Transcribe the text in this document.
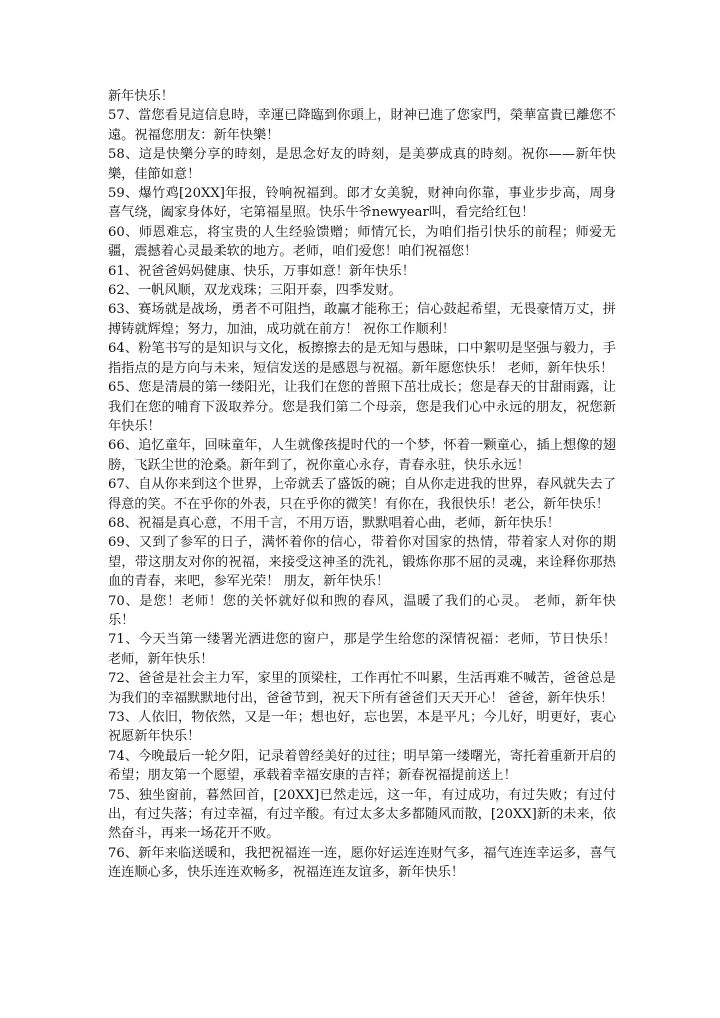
新年快乐！

57、當您看見這信息時，幸運已降臨到你頭上，財神已進了您家門，榮華富貴已離您不遠。祝福您朋友：新年快樂！

58、這是快樂分享的時刻，是思念好友的時刻，是美夢成真的時刻。祝你——新年快樂，佳節如意！

59、爆竹鸡[20XX]年报，铃响祝福到。郎才女美貌，财神向你靠，事业步步高，周身喜气绕，阖家身体好，宅第福星照。快乐牛爷newyear叫，看完给红包！

60、师恩难忘，将宝贵的人生经验馈赠；师情冗长，为咱们指引快乐的前程；师爱无疆，震撼着心灵最柔软的地方。老师，咱们爱您！咱们祝福您！

61、祝爸爸妈妈健康、快乐，万事如意！新年快乐！

62、一帆风顺，双龙戏珠；三阳开泰，四季发财。

63、赛场就是战场，勇者不可阻挡，敢赢才能称王；信心鼓起希望，无畏豪情万丈，拼搏铸就辉煌；努力，加油，成功就在前方！ 祝你工作顺利！

64、粉笔书写的是知识与文化，板擦擦去的是无知与愚昧，口中絮叨是坚强与毅力，手指指点的是方向与未来，短信发送的是感恩与祝福。新年愿您快乐！ 老师，新年快乐！

65、您是清晨的第一缕阳光，让我们在您的普照下茁壮成长；您是春天的甘甜雨露，让我们在您的哺育下汲取养分。您是我们第二个母亲，您是我们心中永远的朋友，祝您新年快乐！

66、追忆童年，回味童年，人生就像孩提时代的一个梦，怀着一颗童心，插上想像的翅膀，飞跃尘世的沧桑。新年到了，祝你童心永存，青春永驻，快乐永远！

67、自从你来到这个世界，上帝就丢了盛饭的碗；自从你走进我的世界，春风就失去了得意的笑。不在乎你的外表，只在乎你的微笑！有你在，我很快乐！老公，新年快乐！

68、祝福是真心意，不用千言，不用万语，默默唱着心曲，老师，新年快乐！

69、又到了参军的日子，满怀着你的信心，带着你对国家的热情，带着家人对你的期望，带这朋友对你的祝福，来接受这神圣的洗礼，锻炼你那不屈的灵魂，来诠释你那热血的青春，来吧，参军光荣！ 朋友，新年快乐！

70、是您！老师！您的关怀就好似和煦的春风，温暖了我们的心灵。 老师，新年快乐！

71、今天当第一缕署光洒进您的窗户，那是学生给您的深情祝福：老师，节日快乐！ 老师，新年快乐！

72、爸爸是社会主力军，家里的顶梁柱，工作再忙不叫累，生活再难不喊苦，爸爸总是为我们的幸福默默地付出，爸爸节到，祝天下所有爸爸们天天开心！ 爸爸，新年快乐！

73、人依旧，物依然，又是一年；想也好，忘也罢，本是平凡；今儿好，明更好，衷心祝愿新年快乐！

74、今晚最后一轮夕阳，记录着曾经美好的过往；明早第一缕曙光，寄托着重新开启的希望；朋友第一个愿望，承载着幸福安康的吉祥；新春祝福提前送上！

75、独坐窗前，暮然回首，[20XX]已然走远，这一年，有过成功，有过失败；有过付出，有过失落；有过幸福，有过辛酸。有过太多太多都随风而散，[20XX]新的未来，依然奋斗，再来一场花开不败。

76、新年来临送暖和，我把祝福连一连，愿你好运连连财气多，福气连连幸运多，喜气连连顺心多，快乐连连欢畅多，祝福连连友谊多，新年快乐！
